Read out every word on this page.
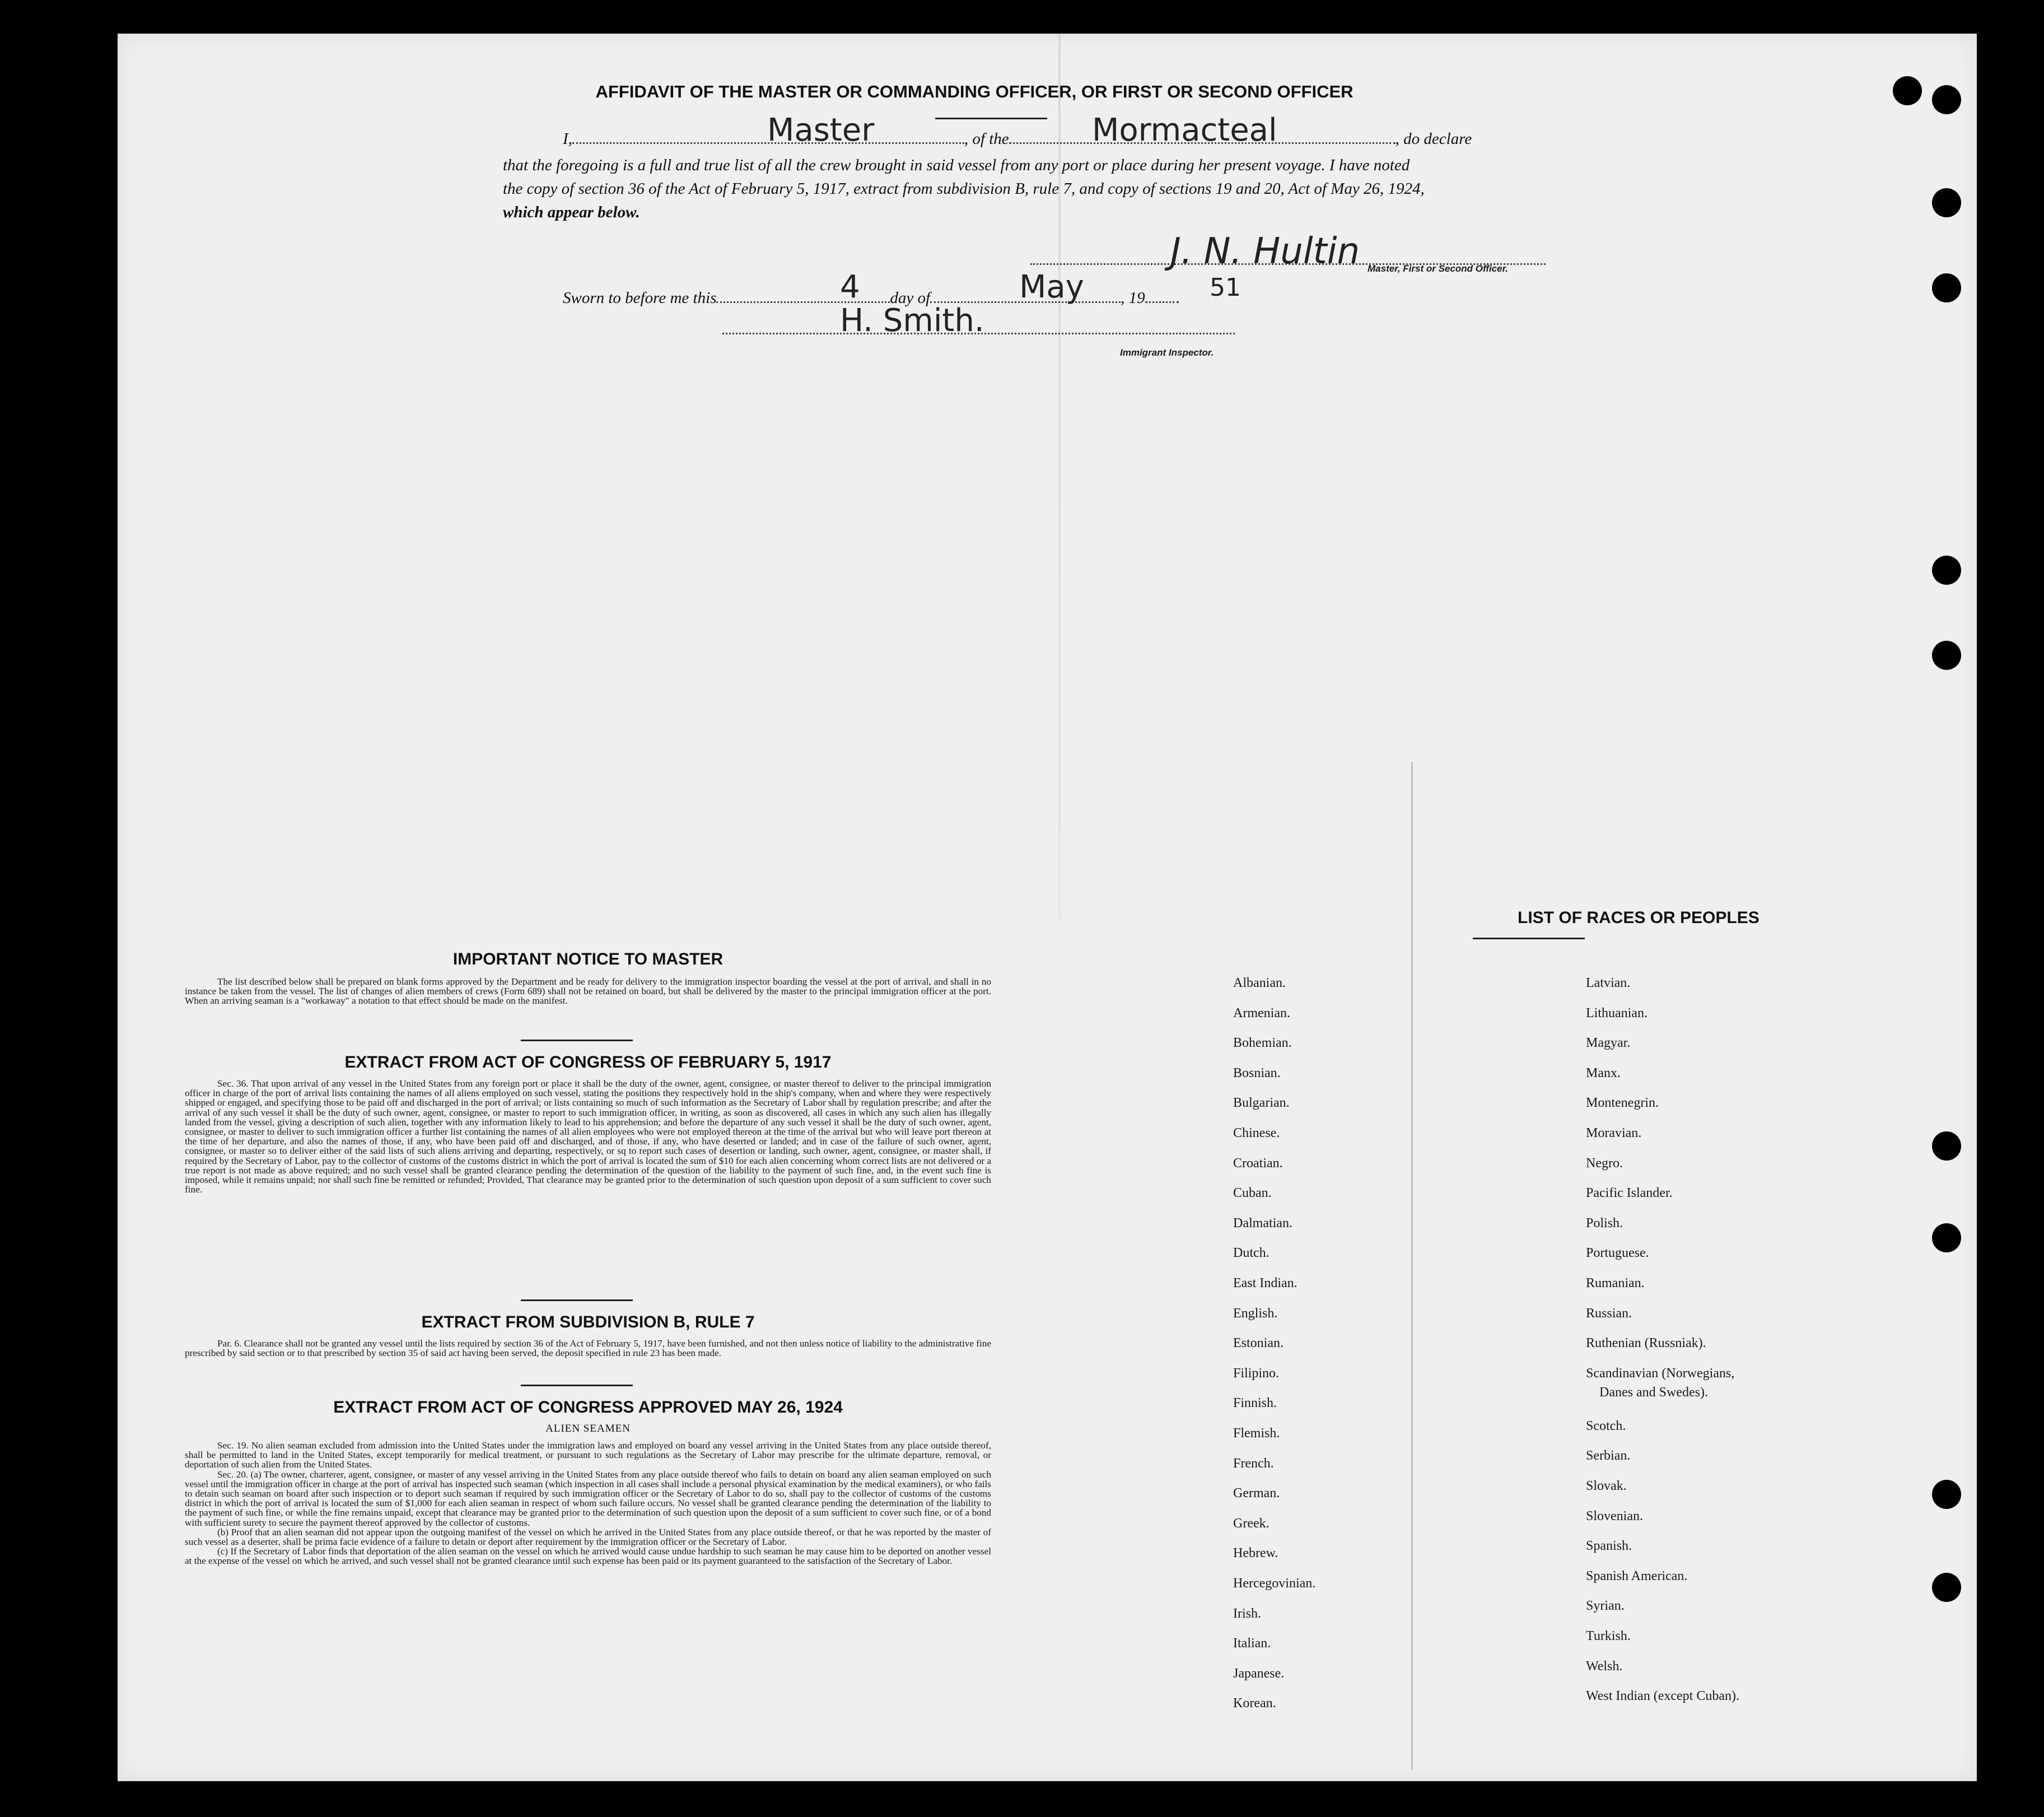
AFFIDAVIT OF THE MASTER OR COMMANDING OFFICER, OR FIRST OR SECOND OFFICER
I,	, of the	, do declare
Master	Mormacteal
that the foregoing is a full and true list of all the crew brought in said vessel from any port or place during her present voyage. I have noted
the copy of section 36 of the Act of February 5, 1917, extract from subdivision B, rule 7, and copy of sections 19 and 20, Act of May 26, 1924,
which appear below.
J. N. Hultin Master, First or Second Officer.
Sworn to before me this	day of	, 19
4	May	51
H. Smith.
Immigrant Inspector.
IMPORTANT NOTICE TO MASTER

The list described below shall be prepared on blank forms approved by the Department and be ready for delivery to the immigration inspector boarding the vessel at the port of arrival, and shall in no instance be taken from the vessel. The list of changes of alien members of crews (Form 689) shall not be retained on board, but shall be delivered by the master to the principal immigration officer at the port. When an arriving seaman is a "workaway" a notation to that effect should be made on the manifest.

EXTRACT FROM ACT OF CONGRESS OF FEBRUARY 5, 1917

Sec. 36. That upon arrival of any vessel in the United States from any foreign port or place it shall be the duty of the owner, agent, consignee, or master thereof to deliver to the principal immigration officer in charge of the port of arrival lists containing the names of all aliens employed on such vessel, stating the positions they respectively hold in the ship's company, when and where they were respectively shipped or engaged, and specifying those to be paid off and discharged in the port of arrival; or lists containing so much of such information as the Secretary of Labor shall by regulation prescribe; and after the arrival of any such vessel it shall be the duty of such owner, agent, consignee, or master to report to such immigration officer, in writing, as soon as discovered, all cases in which any such alien has illegally landed from the vessel, giving a description of such alien, together with any information likely to lead to his apprehension; and before the departure of any such vessel it shall be the duty of such owner, agent, consignee, or master to deliver to such immigration officer a further list containing the names of all alien employees who were not employed thereon at the time of the arrival but who will leave port thereon at the time of her departure, and also the names of those, if any, who have been paid off and discharged, and of those, if any, who have deserted or landed; and in case of the failure of such owner, agent, consignee, or master so to deliver either of the said lists of such aliens arriving and departing, respectively, or sq to report such cases of desertion or landing, such owner, agent, consignee, or master shall, if required by the Secretary of Labor, pay to the collector of customs of the customs district in which the port of arrival is located the sum of $10 for each alien concerning whom correct lists are not delivered or a true report is not made as above required; and no such vessel shall be granted clearance pending the determination of the question of the liability to the payment of such fine, and, in the event such fine is imposed, while it remains unpaid; nor shall such fine be remitted or refunded; Provided, That clearance may be granted prior to the determination of such question upon deposit of a sum sufficient to cover such fine.

EXTRACT FROM SUBDIVISION B, RULE 7

Par. 6. Clearance shall not be granted any vessel until the lists required by section 36 of the Act of February 5, 1917, have been furnished, and not then unless notice of liability to the administrative fine prescribed by said section or to that prescribed by section 35 of said act having been served, the deposit specified in rule 23 has been made.

EXTRACT FROM ACT OF CONGRESS APPROVED MAY 26, 1924
ALIEN SEAMEN

Sec. 19. No alien seaman excluded from admission into the United States under the immigration laws and employed on board any vessel arriving in the United States from any place outside thereof, shall be permitted to land in the United States, except temporarily for medical treatment, or pursuant to such regulations as the Secretary of Labor may prescribe for the ultimate departure, removal, or deportation of such alien from the United States.

Sec. 20. (a) The owner, charterer, agent, consignee, or master of any vessel arriving in the United States from any place outside thereof who fails to detain on board any alien seaman employed on such vessel until the immigration officer in charge at the port of arrival has inspected such seaman (which inspection in all cases shall include a personal physical examination by the medical examiners), or who fails to detain such seaman on board after such inspection or to deport such seaman if required by such immigration officer or the Secretary of Labor to do so, shall pay to the collector of customs of the customs district in which the port of arrival is located the sum of $1,000 for each alien seaman in respect of whom such failure occurs. No vessel shall be granted clearance pending the determination of the liability to the payment of such fine, or while the fine remains unpaid, except that clearance may be granted prior to the determination of such question upon the deposit of a sum sufficient to cover such fine, or of a bond with sufficient surety to secure the payment thereof approved by the collector of customs.

(b) Proof that an alien seaman did not appear upon the outgoing manifest of the vessel on which he arrived in the United States from any place outside thereof, or that he was reported by the master of such vessel as a deserter, shall be prima facie evidence of a failure to detain or deport after requirement by the immigration officer or the Secretary of Labor.

(c) If the Secretary of Labor finds that deportation of the alien seaman on the vessel on which he arrived would cause undue hardship to such seaman he may cause him to be deported on another vessel at the expense of the vessel on which he arrived, and such vessel shall not be granted clearance until such expense has been paid or its payment guaranteed to the satisfaction of the Secretary of Labor.

LIST OF RACES OR PEOPLES
Albanian.
Armenian.
Bohemian.
Bosnian.
Bulgarian.
Chinese.
Croatian.
Cuban.
Dalmatian.
Dutch.
East Indian.
English.
Estonian.
Filipino.
Finnish.
Flemish.
French.
German.
Greek.
Hebrew.
Hercegovinian.
Irish.
Italian.
Japanese.
Korean.
Latvian.
Lithuanian.
Magyar.
Manx.
Montenegrin.
Moravian.
Negro.
Pacific Islander.
Polish.
Portuguese.
Rumanian.
Russian.
Ruthenian (Russniak).
Scandinavian (Norwegians,
Danes and Swedes).
Scotch.
Serbian.
Slovak.
Slovenian.
Spanish.
Spanish American.
Syrian.
Turkish.
Welsh.
West Indian (except Cuban).
